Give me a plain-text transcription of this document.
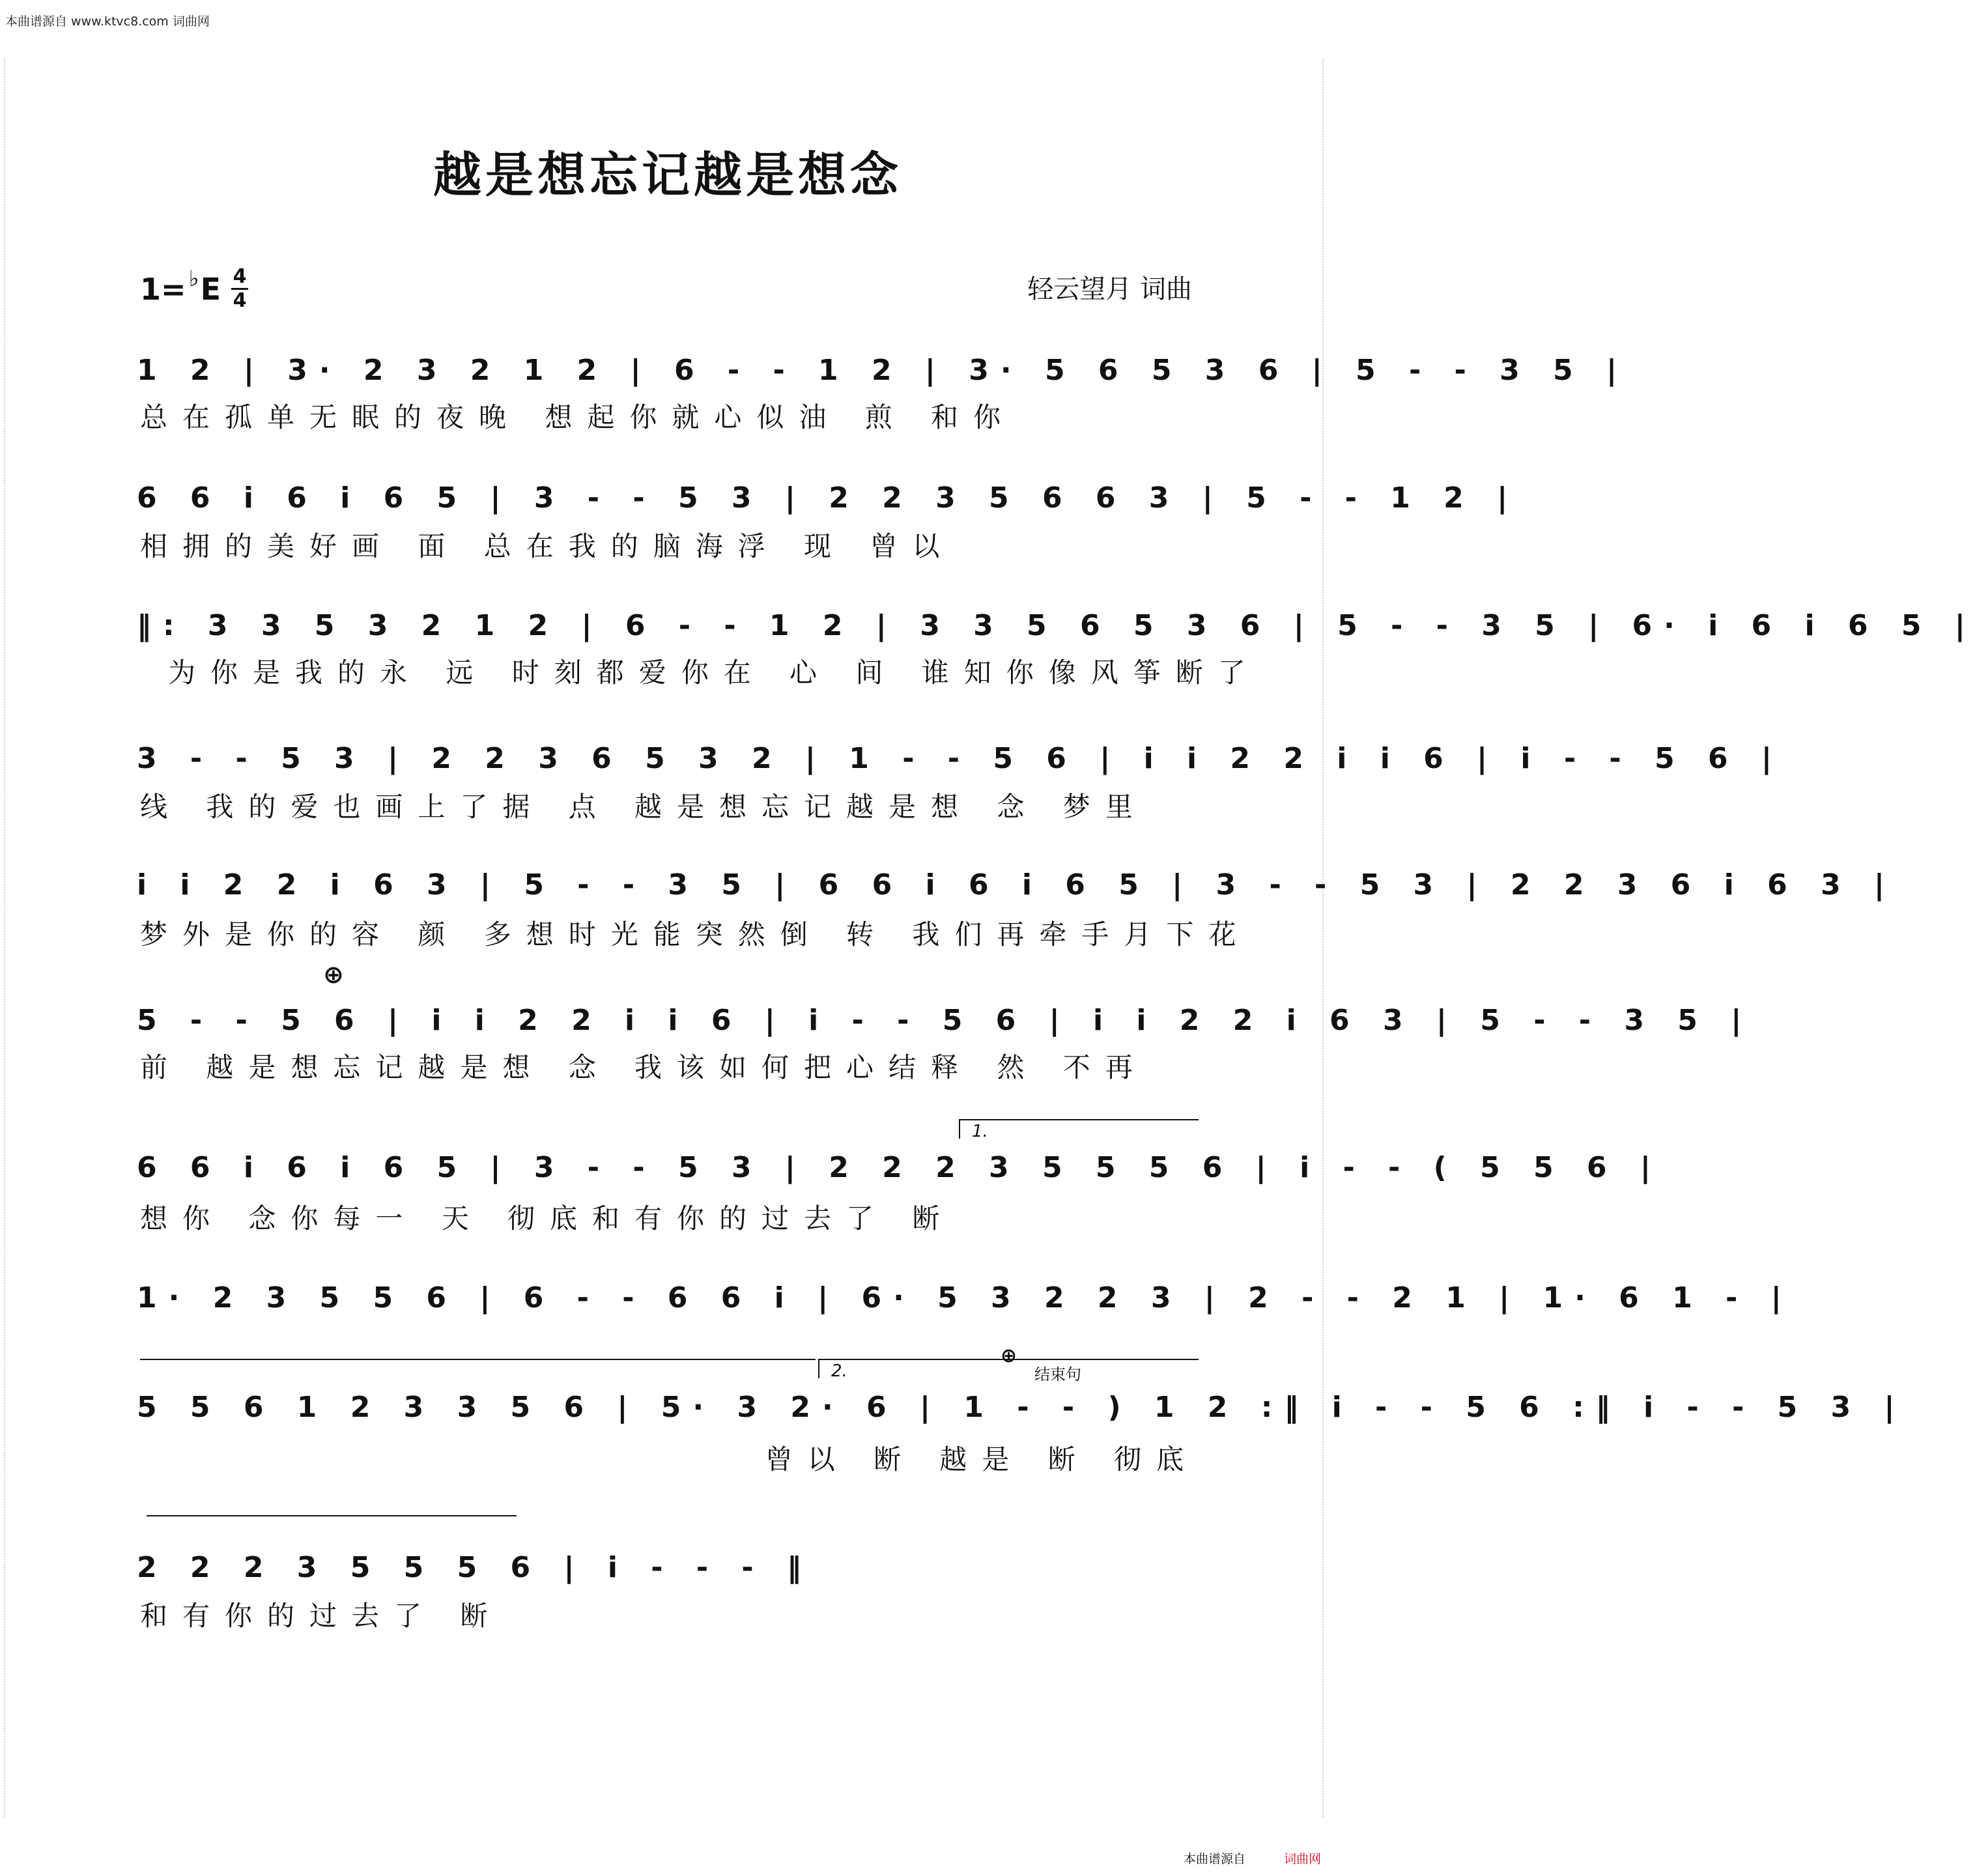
本曲谱源自 www.ktvc8.com 词曲网
越是想忘记越是想念
1= ♭ E 4
4	轻云望月 词曲
1 2 | 3· 2 3 2 1 2 | 6 - - 1 2 | 3· 5 6 5 3 6 | 5 - - 3 5 |
总在孤单无眠的夜晚 想起你就心似油 煎 和你
6 6 i 6 i 6 5 | 3 - - 5 3 | 2 2 3 5 6 6 3 | 5 - - 1 2 |
相拥的美好画 面 总在我的脑海浮 现 曾以
‖: 3 3 5 3 2 1 2 | 6 - - 1 2 | 3 3 5 6 5 3 6 | 5 - - 3 5 | 6· i 6 i 6 5 |
为你是我的永 远 时刻都爱你在 心 间 谁知你像风筝断了
3 - - 5 3 | 2 2 3 6 5 3 2 | 1 - - 5 6 | i i 2 2 i i 6 | i - - 5 6 |
线 我的爱也画上了据 点 越是想忘记越是想 念 梦里
i i 2 2 i 6 3 | 5 - - 3 5 | 6 6 i 6 i 6 5 | 3 - - 5 3 | 2 2 3 6 i 6 3 |
梦外是你的容 颜 多想时光能突然倒 转 我们再牵手月下花
⊕
5 - - 5 6 | i i 2 2 i i 6 | i - - 5 6 | i i 2 2 i 6 3 | 5 - - 3 5 |
前 越是想忘记越是想 念 我该如何把心结释 然 不再
1.
6 6 i 6 i 6 5 | 3 - - 5 3 | 2 2 2 3 5 5 5 6 | i - - ( 5 5 6 |
想你 念你每一 天 彻底和有你的过去了 断
1· 2 3 5 5 6 | 6 - - 6 6 i | 6· 5 3 2 2 3 | 2 - - 2 1 | 1· 6 1 - |
2.
⊕
结束句
5 5 6 1 2 3 3 5 6 | 5· 3 2· 6 | 1 - - ) 1 2 :‖ i - - 5 6 :‖ i - - 5 3 |
曾以 断 越是 断 彻底
2 2 2 3 5 5 5 6 | i - - - ‖
和有你的过去了 断
本曲谱源自	词曲网
